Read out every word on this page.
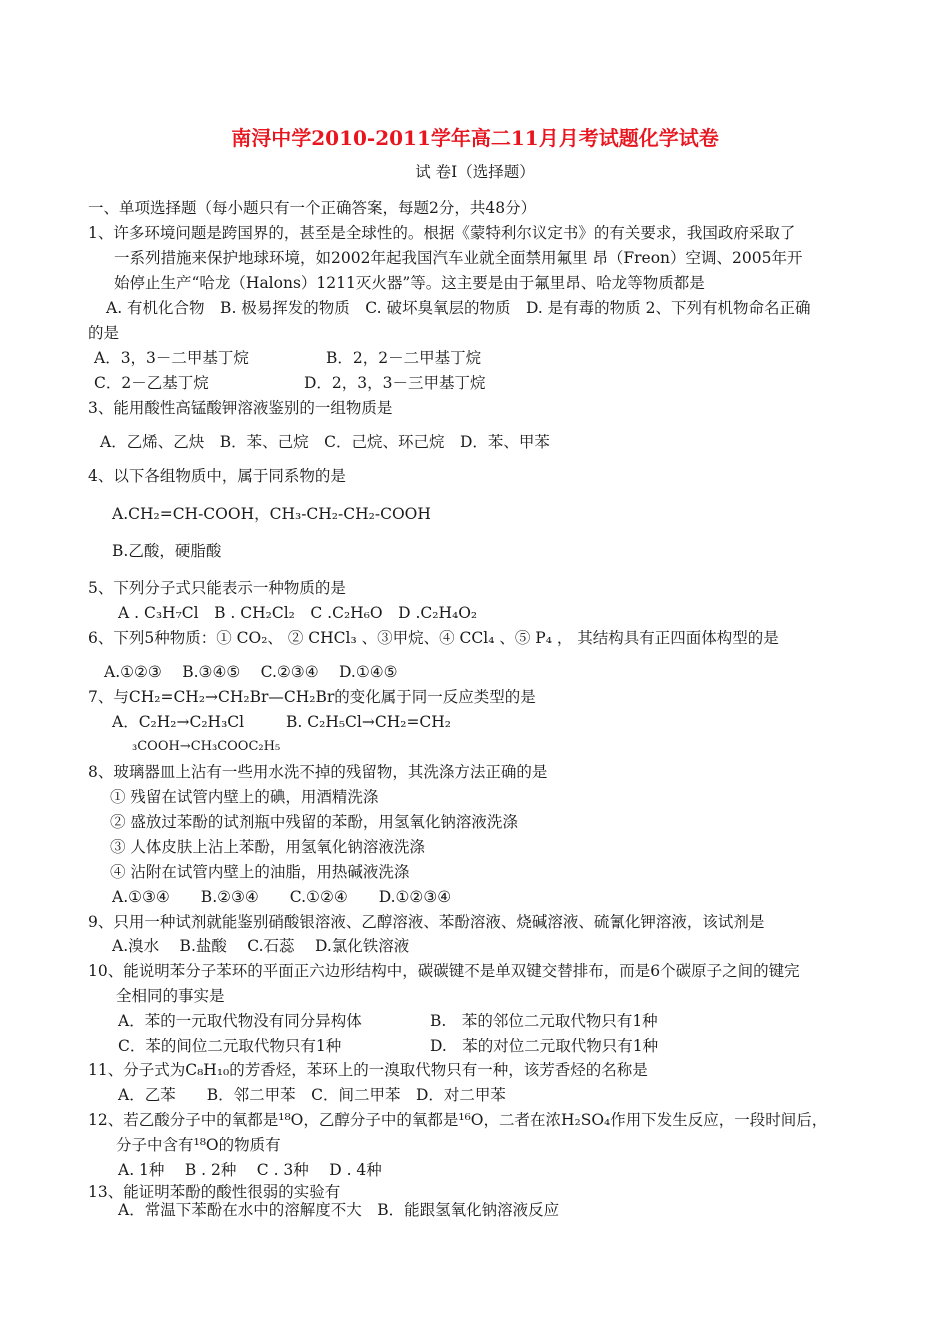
南浔中学2010-2011学年高二11月月考试题化学试卷
试 卷Ⅰ（选择题）
一、单项选择题（每小题只有一个正确答案，每题2分，共48分）
1、许多环境问题是跨国界的，甚至是全球性的。根据《蒙特利尔议定书》的有关要求，我国政府采取了
一系列措施来保护地球环境，如2002年起我国汽车业就全面禁用氟里 昂（Freon）空调、2005年开
始停止生产“哈龙（Halons）1211灭火器”等。这主要是由于氟里昂、哈龙等物质都是
A. 有机化合物　B. 极易挥发的物质　C. 破坏臭氧层的物质　D. 是有毒的物质 2、下列有机物命名正确
的是
A．3，3－二甲基丁烷	B．2，2－二甲基丁烷
C．2－乙基丁烷	D．2，3，3－三甲基丁烷
3、能用酸性高锰酸钾溶液鉴别的一组物质是
A．乙烯、乙炔　B．苯、己烷　C．己烷、环己烷　D．苯、甲苯
4、以下各组物质中，属于同系物的是
A.CH₂=CH-COOH，CH₃-CH₂-CH₂-COOH
B.乙酸，硬脂酸
5、下列分子式只能表示一种物质的是
A . C₃H₇Cl　B . CH₂Cl₂　C .C₂H₆O　D .C₂H₄O₂
6、下列5种物质：① CO₂、 ② CHCl₃ 、③甲烷、④ CCl₄ 、⑤ P₄ ， 其结构具有正四面体构型的是
A.①②③　 B.③④⑤　 C.②③④　 D.①④⑤
7、与CH₂=CH₂→CH₂Br—CH₂Br的变化属于同一反应类型的是
A．C₂H₂→C₂H₃Cl	B. C₂H₅Cl→CH₂=CH₂
₃COOH→CH₃COOC₂H₅
8、玻璃器皿上沾有一些用水洗不掉的残留物，其洗涤方法正确的是
① 残留在试管内壁上的碘，用酒精洗涤
② 盛放过苯酚的试剂瓶中残留的苯酚，用氢氧化钠溶液洗涤
③ 人体皮肤上沾上苯酚，用氢氧化钠溶液洗涤
④ 沾附在试管内壁上的油脂，用热碱液洗涤
A.①③④　　B.②③④　　C.①②④　　D.①②③④
9、只用一种试剂就能鉴别硝酸银溶液、乙醇溶液、苯酚溶液、烧碱溶液、硫氰化钾溶液，该试剂是
A.溴水　 B.盐酸　 C.石蕊　 D.氯化铁溶液
10、能说明苯分子苯环的平面正六边形结构中，碳碳键不是单双键交替排布，而是6个碳原子之间的键完
全相同的事实是
A．苯的一元取代物没有同分异构体	B.　苯的邻位二元取代物只有1种
C．苯的间位二元取代物只有1种	D.　苯的对位二元取代物只有1种
11、分子式为C₈H₁₀的芳香烃，苯环上的一溴取代物只有一种，该芳香烃的名称是
A．乙苯　　B．邻二甲苯　C．间二甲苯　D．对二甲苯
12、若乙酸分子中的氧都是¹⁸O，乙醇分子中的氧都是¹⁶O，二者在浓H₂SO₄作用下发生反应，一段时间后，
分子中含有¹⁸O的物质有
A. 1种　 B . 2种　 C . 3种　 D . 4种
13、能证明苯酚的酸性很弱的实验有
A．常温下苯酚在水中的溶解度不大　B．能跟氢氧化钠溶液反应
